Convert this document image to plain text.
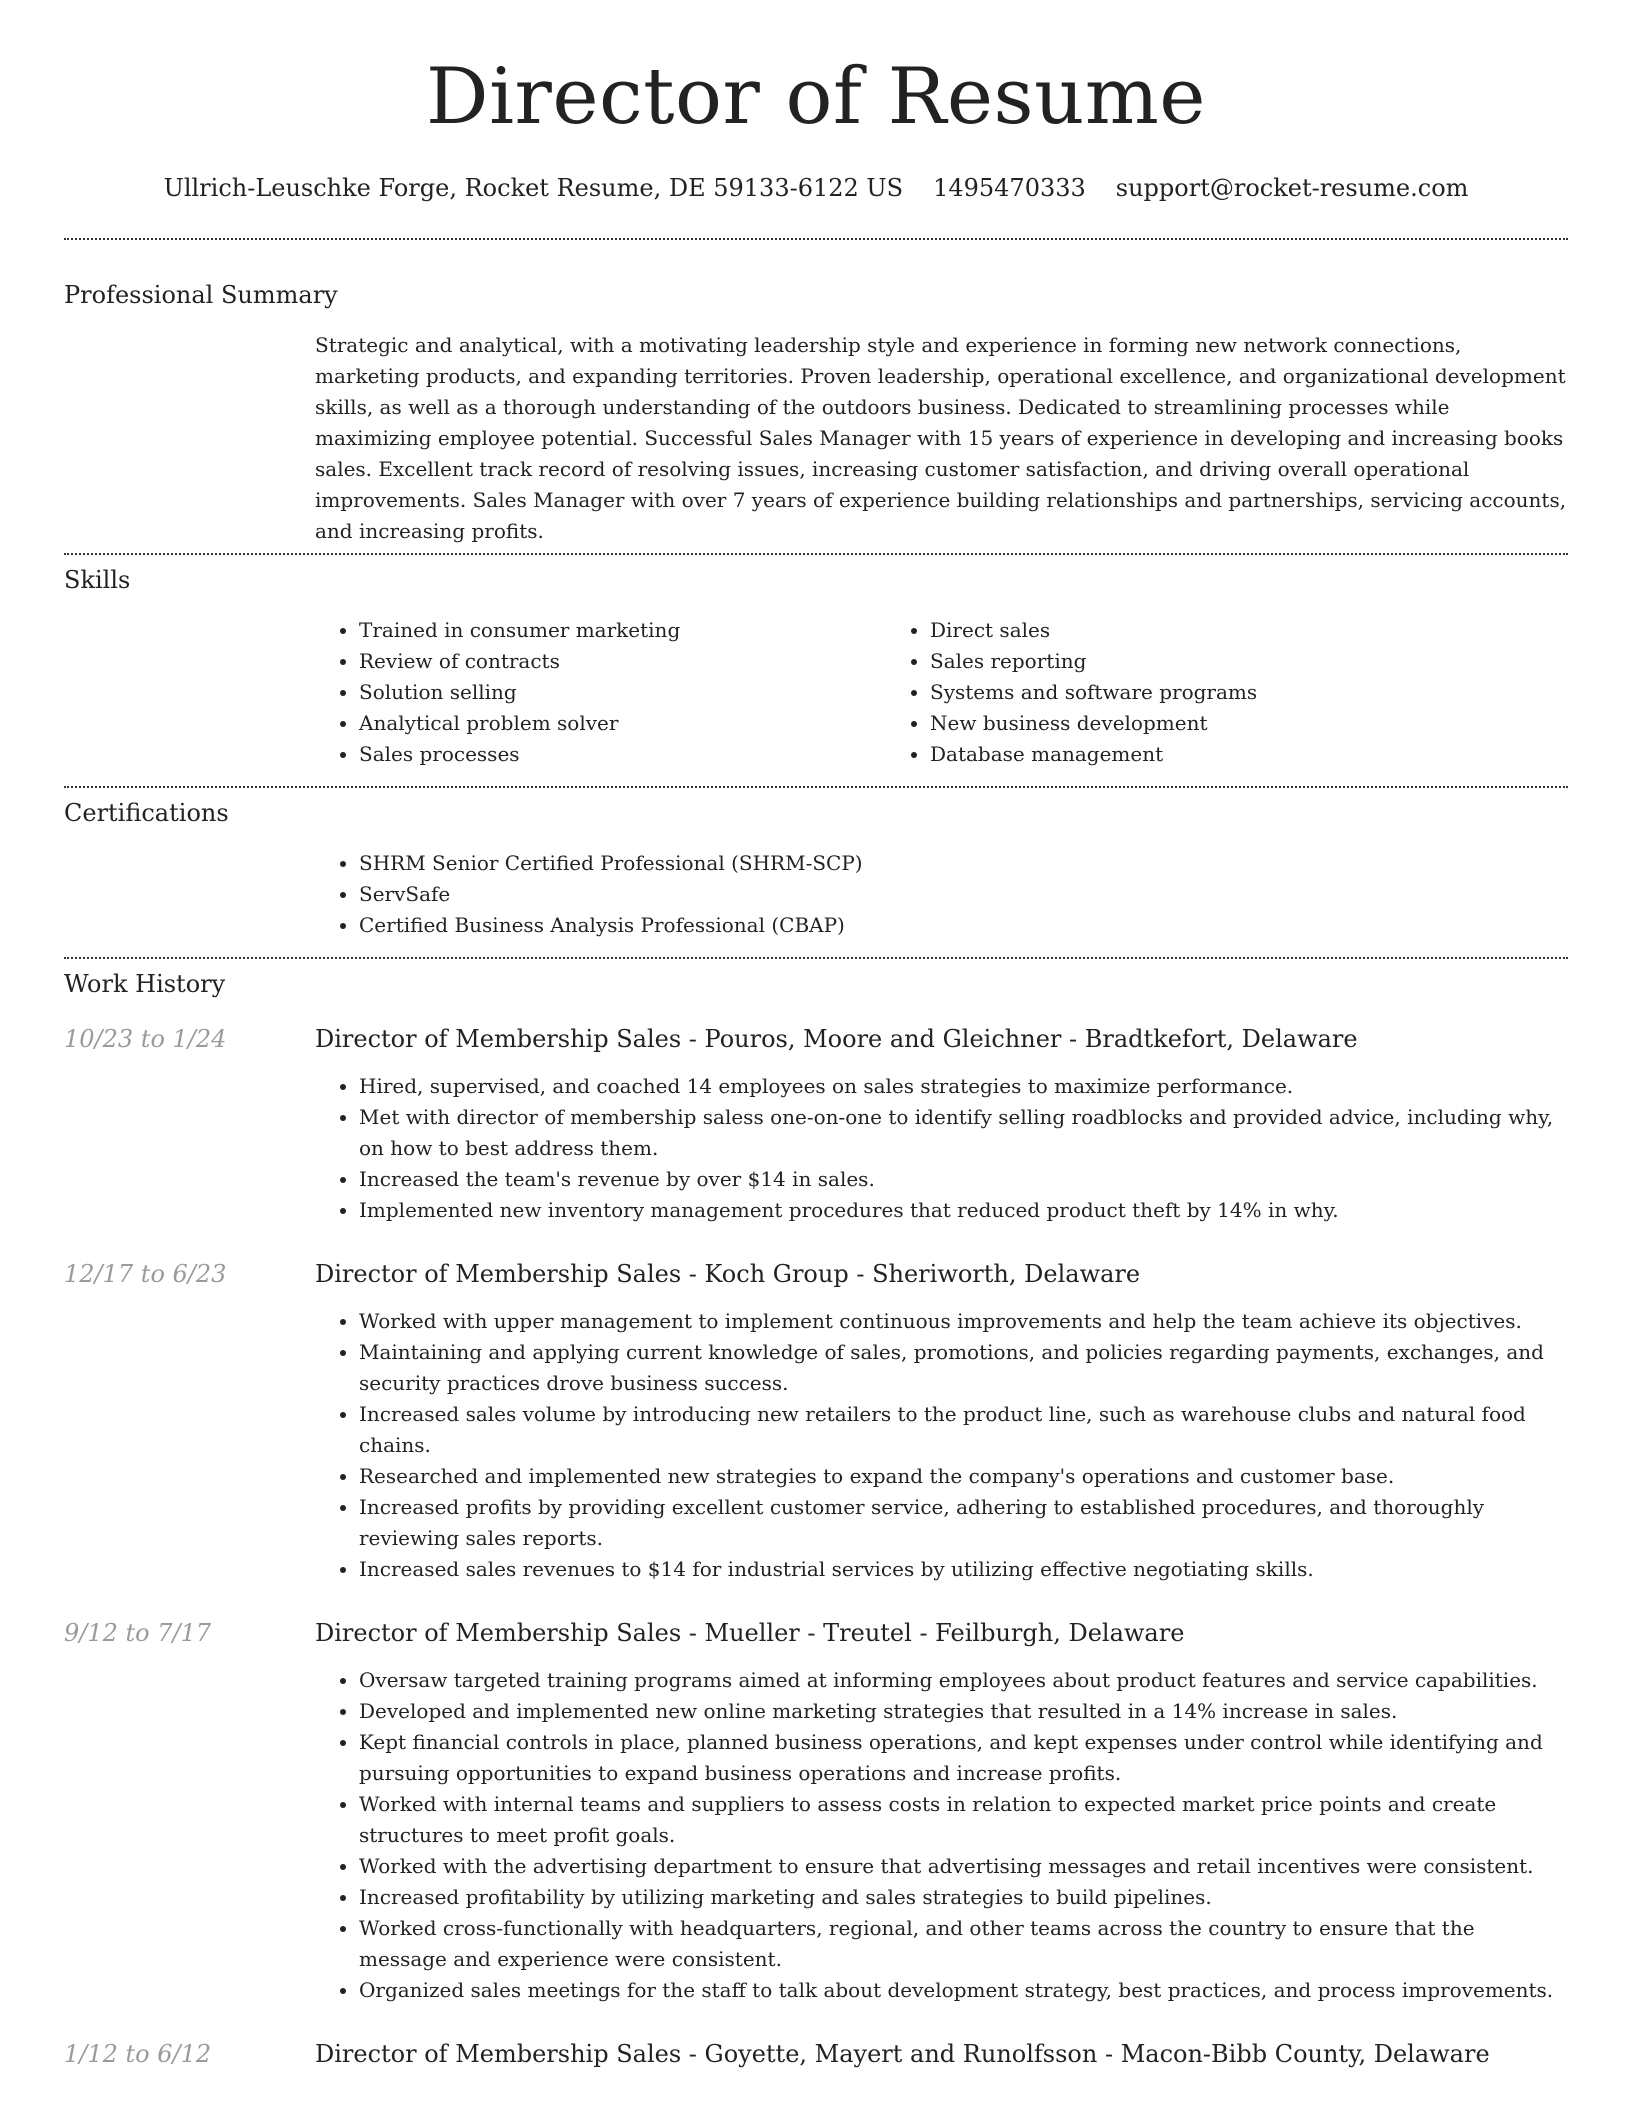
Director of Resume
Ullrich-Leuschke Forge, Rocket Resume, DE 59133-6122 US 1495470333 support@rocket-resume.com
Professional Summary
Strategic and analytical, with a motivating leadership style and experience in forming new network connections, marketing products, and expanding territories. Proven leadership, operational excellence, and organizational development skills, as well as a thorough understanding of the outdoors business. Dedicated to streamlining processes while maximizing employee potential. Successful Sales Manager with 15 years of experience in developing and increasing books sales. Excellent track record of resolving issues, increasing customer satisfaction, and driving overall operational improvements. Sales Manager with over 7 years of experience building relationships and partnerships, servicing accounts, and increasing profits.
Skills
• Trained in consumer marketing
• Review of contracts
• Solution selling
• Analytical problem solver
• Sales processes
• Direct sales
• Sales reporting
• Systems and software programs
• New business development
• Database management
Certifications
• SHRM Senior Certified Professional (SHRM-SCP)
• ServSafe
• Certified Business Analysis Professional (CBAP)
Work History
10/23 to 1/24	Director of Membership Sales - Pouros, Moore and Gleichner - Bradtkefort, Delaware
• Hired, supervised, and coached 14 employees on sales strategies to maximize performance.
• Met with director of membership saless one-on-one to identify selling roadblocks and provided advice, including why, on how to best address them.
• Increased the team's revenue by over $14 in sales.
• Implemented new inventory management procedures that reduced product theft by 14% in why.
12/17 to 6/23	Director of Membership Sales - Koch Group - Sheriworth, Delaware
• Worked with upper management to implement continuous improvements and help the team achieve its objectives.
• Maintaining and applying current knowledge of sales, promotions, and policies regarding payments, exchanges, and security practices drove business success.
• Increased sales volume by introducing new retailers to the product line, such as warehouse clubs and natural food chains.
• Researched and implemented new strategies to expand the company's operations and customer base.
• Increased profits by providing excellent customer service, adhering to established procedures, and thoroughly reviewing sales reports.
• Increased sales revenues to $14 for industrial services by utilizing effective negotiating skills.
9/12 to 7/17	Director of Membership Sales - Mueller - Treutel - Feilburgh, Delaware
• Oversaw targeted training programs aimed at informing employees about product features and service capabilities.
• Developed and implemented new online marketing strategies that resulted in a 14% increase in sales.
• Kept financial controls in place, planned business operations, and kept expenses under control while identifying and pursuing opportunities to expand business operations and increase profits.
• Worked with internal teams and suppliers to assess costs in relation to expected market price points and create structures to meet profit goals.
• Worked with the advertising department to ensure that advertising messages and retail incentives were consistent.
• Increased profitability by utilizing marketing and sales strategies to build pipelines.
• Worked cross-functionally with headquarters, regional, and other teams across the country to ensure that the message and experience were consistent.
• Organized sales meetings for the staff to talk about development strategy, best practices, and process improvements.
1/12 to 6/12	Director of Membership Sales - Goyette, Mayert and Runolfsson - Macon-Bibb County, Delaware
